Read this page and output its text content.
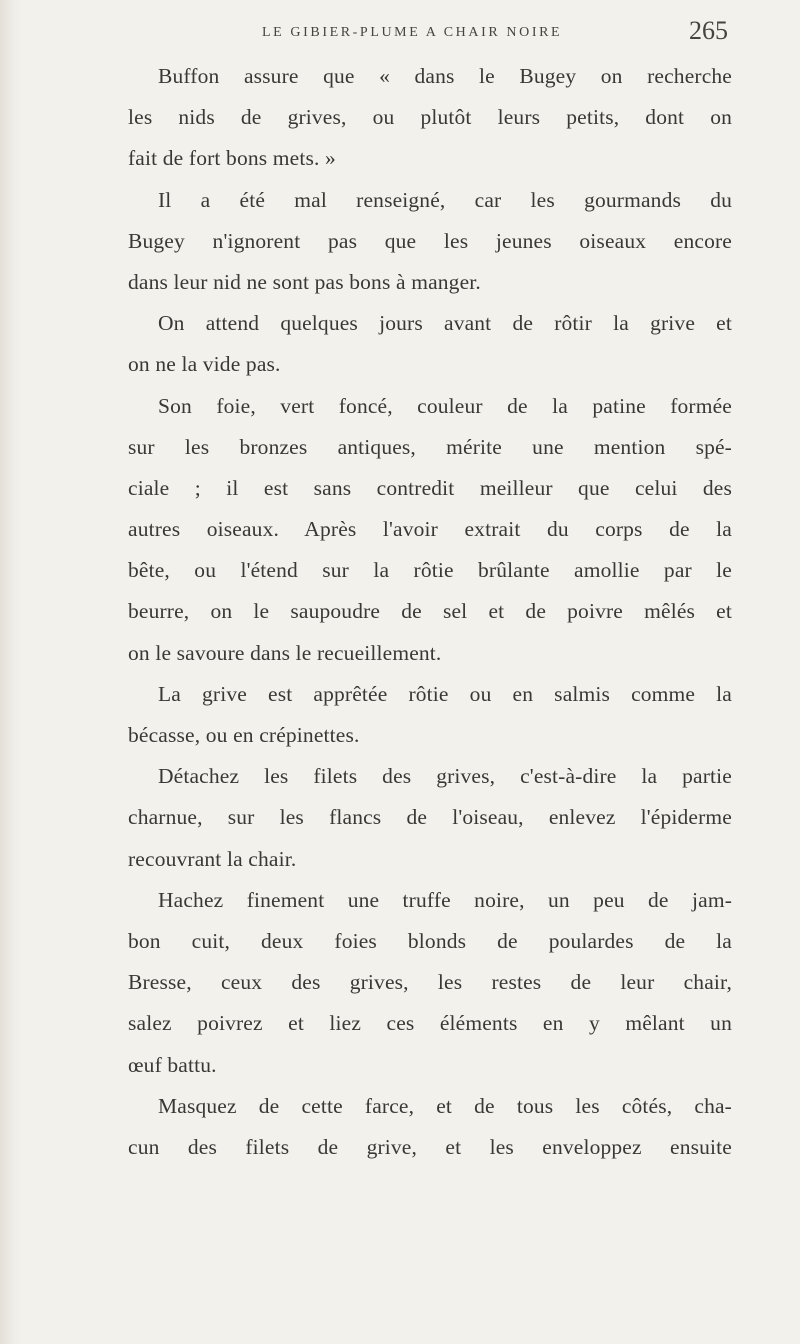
LE GIBIER-PLUME A CHAIR NOIRE	265
Buffon assure que « dans le Bugey on recherche
les nids de grives, ou plutôt leurs petits, dont on
fait de fort bons mets. »
Il a été mal renseigné, car les gourmands du
Bugey n'ignorent pas que les jeunes oiseaux encore
dans leur nid ne sont pas bons à manger.
On attend quelques jours avant de rôtir la grive et
on ne la vide pas.
Son foie, vert foncé, couleur de la patine formée
sur les bronzes antiques, mérite une mention spé-
ciale ; il est sans contredit meilleur que celui des
autres oiseaux. Après l'avoir extrait du corps de la
bête, ou l'étend sur la rôtie brûlante amollie par le
beurre, on le saupoudre de sel et de poivre mêlés et
on le savoure dans le recueillement.
La grive est apprêtée rôtie ou en salmis comme la
bécasse, ou en crépinettes.
Détachez les filets des grives, c'est-à-dire la partie
charnue, sur les flancs de l'oiseau, enlevez l'épiderme
recouvrant la chair.
Hachez finement une truffe noire, un peu de jam-
bon cuit, deux foies blonds de poulardes de la
Bresse, ceux des grives, les restes de leur chair,
salez poivrez et liez ces éléments en y mêlant un
œuf battu.
Masquez de cette farce, et de tous les côtés, cha-
cun des filets de grive, et les enveloppez ensuite
